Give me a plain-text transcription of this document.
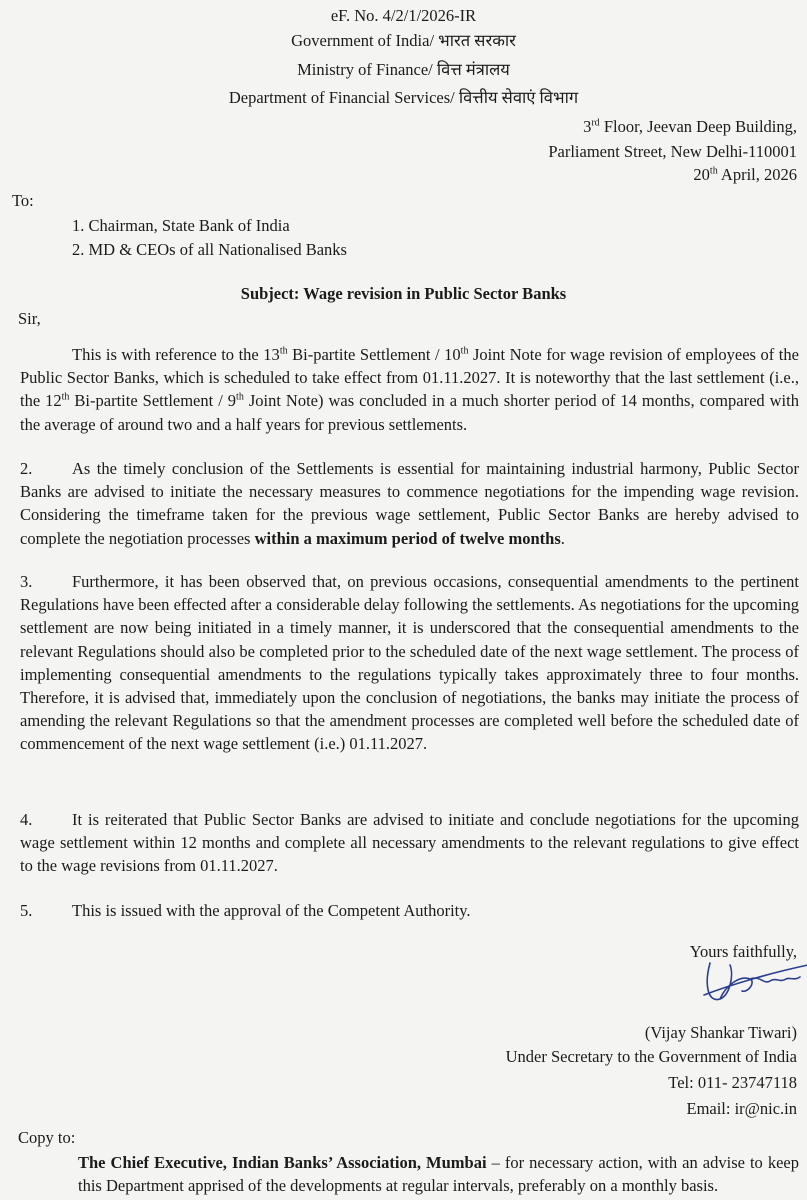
eF. No. 4/2/1/2026-IR
Government of India/ भारत सरकार
Ministry of Finance/ वित्त मंत्रालय
Department of Financial Services/ वित्तीय सेवाएं विभाग
3rd Floor, Jeevan Deep Building,
Parliament Street, New Delhi-110001
20th April, 2026
To:
1. Chairman, State Bank of India
2. MD & CEOs of all Nationalised Banks
Subject: Wage revision in Public Sector Banks
Sir,
This is with reference to the 13th Bi-partite Settlement / 10th Joint Note for wage revision of employees of the Public Sector Banks, which is scheduled to take effect from 01.11.2027. It is noteworthy that the last settlement (i.e., the 12th Bi-partite Settlement / 9th Joint Note) was concluded in a much shorter period of 14 months, compared with the average of around two and a half years for previous settlements.
2. As the timely conclusion of the Settlements is essential for maintaining industrial harmony, Public Sector Banks are advised to initiate the necessary measures to commence negotiations for the impending wage revision. Considering the timeframe taken for the previous wage settlement, Public Sector Banks are hereby advised to complete the negotiation processes within a maximum period of twelve months.
3. Furthermore, it has been observed that, on previous occasions, consequential amendments to the pertinent Regulations have been effected after a considerable delay following the settlements. As negotiations for the upcoming settlement are now being initiated in a timely manner, it is underscored that the consequential amendments to the relevant Regulations should also be completed prior to the scheduled date of the next wage settlement. The process of implementing consequential amendments to the regulations typically takes approximately three to four months. Therefore, it is advised that, immediately upon the conclusion of negotiations, the banks may initiate the process of amending the relevant Regulations so that the amendment processes are completed well before the scheduled date of commencement of the next wage settlement (i.e.) 01.11.2027.
4. It is reiterated that Public Sector Banks are advised to initiate and conclude negotiations for the upcoming wage settlement within 12 months and complete all necessary amendments to the relevant regulations to give effect to the wage revisions from 01.11.2027.
5. This is issued with the approval of the Competent Authority.
Yours faithfully,
(Vijay Shankar Tiwari)
Under Secretary to the Government of India
Tel: 011- 23747118
Email: ir@nic.in
Copy to:
The Chief Executive, Indian Banks’ Association, Mumbai – for necessary action, with an advise to keep this Department apprised of the developments at regular intervals, preferably on a monthly basis.
